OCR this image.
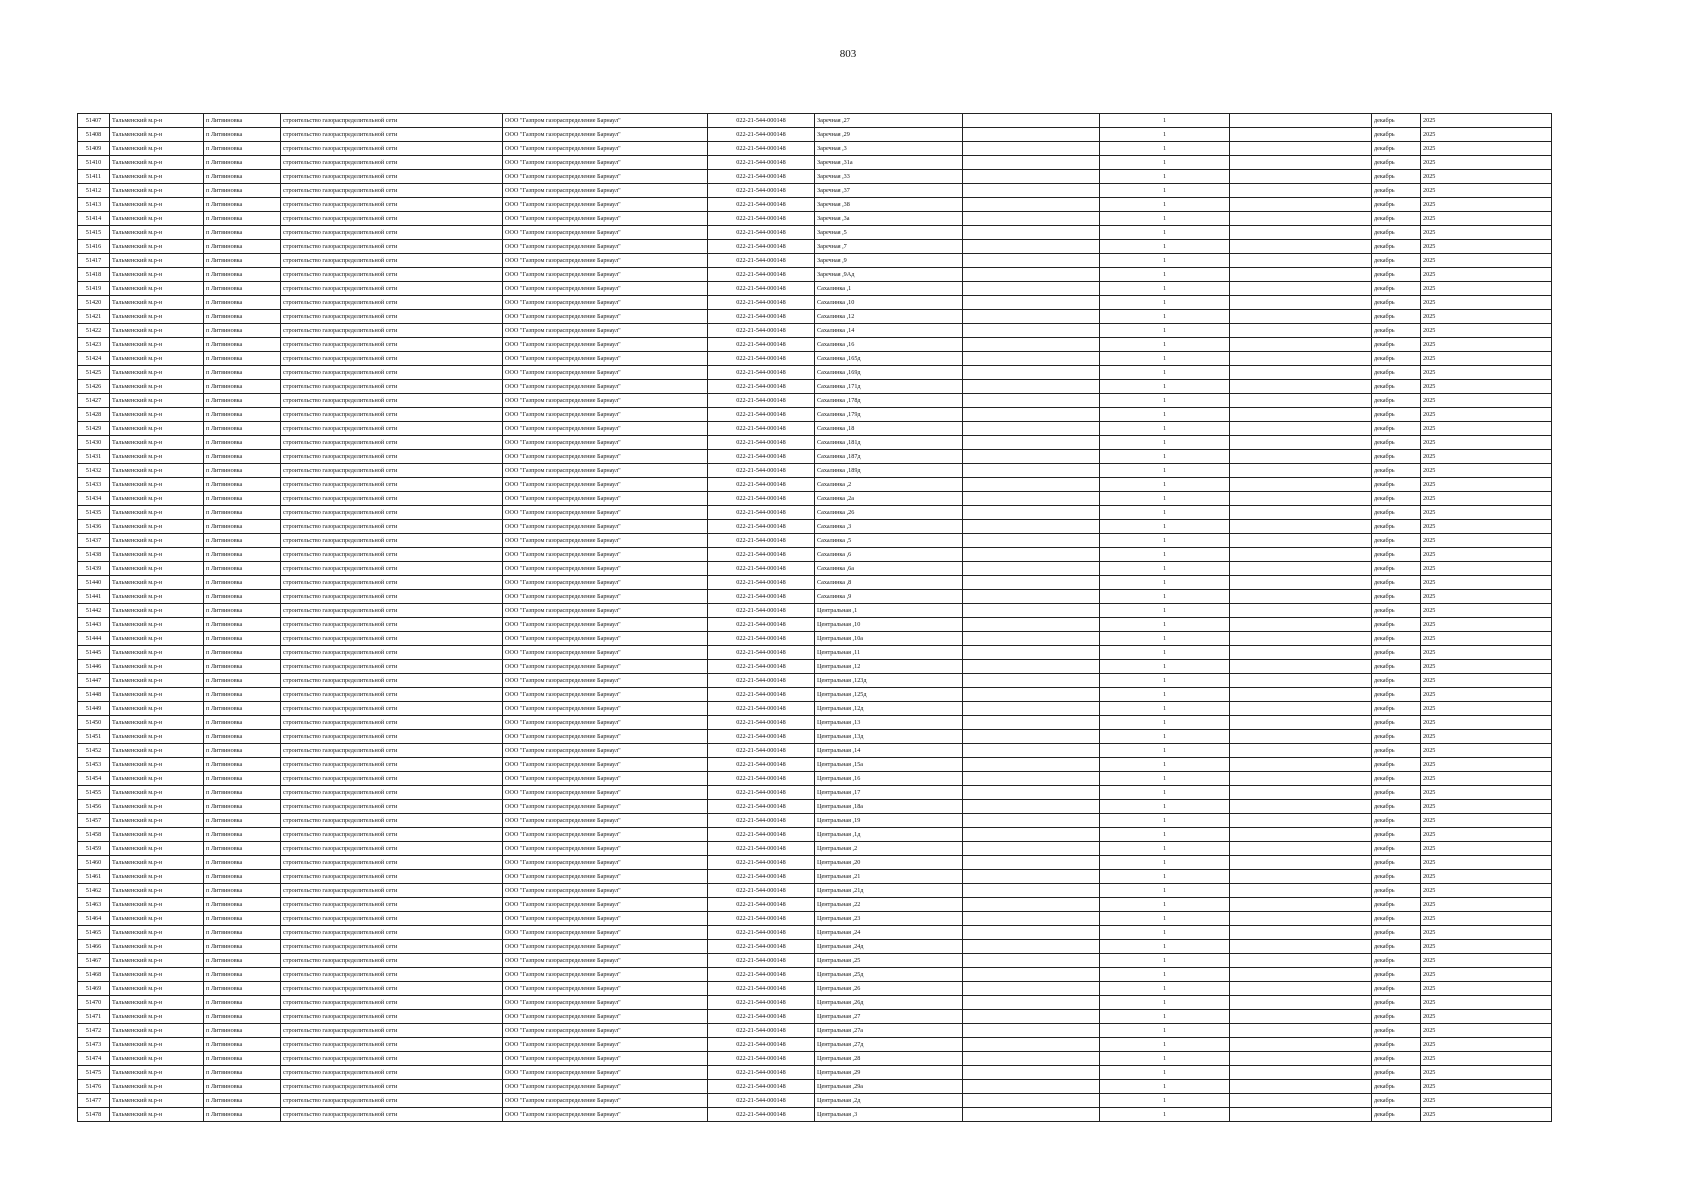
803
51407	Тальменский м.р-н	п Литвиновка	строительство газораспределительной сети	ООО "Газпром газораспределение Барнаул"	022-21-544-000148	Заречная ,27		1		декабрь	2025
51408	Тальменский м.р-н	п Литвиновка	строительство газораспределительной сети	ООО "Газпром газораспределение Барнаул"	022-21-544-000148	Заречная ,29		1		декабрь	2025
51409	Тальменский м.р-н	п Литвиновка	строительство газораспределительной сети	ООО "Газпром газораспределение Барнаул"	022-21-544-000148	Заречная ,3		1		декабрь	2025
51410	Тальменский м.р-н	п Литвиновка	строительство газораспределительной сети	ООО "Газпром газораспределение Барнаул"	022-21-544-000148	Заречная ,31а		1		декабрь	2025
51411	Тальменский м.р-н	п Литвиновка	строительство газораспределительной сети	ООО "Газпром газораспределение Барнаул"	022-21-544-000148	Заречная ,33		1		декабрь	2025
51412	Тальменский м.р-н	п Литвиновка	строительство газораспределительной сети	ООО "Газпром газораспределение Барнаул"	022-21-544-000148	Заречная ,37		1		декабрь	2025
51413	Тальменский м.р-н	п Литвиновка	строительство газораспределительной сети	ООО "Газпром газораспределение Барнаул"	022-21-544-000148	Заречная ,38		1		декабрь	2025
51414	Тальменский м.р-н	п Литвиновка	строительство газораспределительной сети	ООО "Газпром газораспределение Барнаул"	022-21-544-000148	Заречная ,3а		1		декабрь	2025
51415	Тальменский м.р-н	п Литвиновка	строительство газораспределительной сети	ООО "Газпром газораспределение Барнаул"	022-21-544-000148	Заречная ,5		1		декабрь	2025
51416	Тальменский м.р-н	п Литвиновка	строительство газораспределительной сети	ООО "Газпром газораспределение Барнаул"	022-21-544-000148	Заречная ,7		1		декабрь	2025
51417	Тальменский м.р-н	п Литвиновка	строительство газораспределительной сети	ООО "Газпром газораспределение Барнаул"	022-21-544-000148	Заречная ,9		1		декабрь	2025
51418	Тальменский м.р-н	п Литвиновка	строительство газораспределительной сети	ООО "Газпром газораспределение Барнаул"	022-21-544-000148	Заречная ,9Ад		1		декабрь	2025
51419	Тальменский м.р-н	п Литвиновка	строительство газораспределительной сети	ООО "Газпром газораспределение Барнаул"	022-21-544-000148	Сахалинка ,1		1		декабрь	2025
51420	Тальменский м.р-н	п Литвиновка	строительство газораспределительной сети	ООО "Газпром газораспределение Барнаул"	022-21-544-000148	Сахалинка ,10		1		декабрь	2025
51421	Тальменский м.р-н	п Литвиновка	строительство газораспределительной сети	ООО "Газпром газораспределение Барнаул"	022-21-544-000148	Сахалинка ,12		1		декабрь	2025
51422	Тальменский м.р-н	п Литвиновка	строительство газораспределительной сети	ООО "Газпром газораспределение Барнаул"	022-21-544-000148	Сахалинка ,14		1		декабрь	2025
51423	Тальменский м.р-н	п Литвиновка	строительство газораспределительной сети	ООО "Газпром газораспределение Барнаул"	022-21-544-000148	Сахалинка ,16		1		декабрь	2025
51424	Тальменский м.р-н	п Литвиновка	строительство газораспределительной сети	ООО "Газпром газораспределение Барнаул"	022-21-544-000148	Сахалинка ,165д		1		декабрь	2025
51425	Тальменский м.р-н	п Литвиновка	строительство газораспределительной сети	ООО "Газпром газораспределение Барнаул"	022-21-544-000148	Сахалинка ,169д		1		декабрь	2025
51426	Тальменский м.р-н	п Литвиновка	строительство газораспределительной сети	ООО "Газпром газораспределение Барнаул"	022-21-544-000148	Сахалинка ,171д		1		декабрь	2025
51427	Тальменский м.р-н	п Литвиновка	строительство газораспределительной сети	ООО "Газпром газораспределение Барнаул"	022-21-544-000148	Сахалинка ,178д		1		декабрь	2025
51428	Тальменский м.р-н	п Литвиновка	строительство газораспределительной сети	ООО "Газпром газораспределение Барнаул"	022-21-544-000148	Сахалинка ,179д		1		декабрь	2025
51429	Тальменский м.р-н	п Литвиновка	строительство газораспределительной сети	ООО "Газпром газораспределение Барнаул"	022-21-544-000148	Сахалинка ,18		1		декабрь	2025
51430	Тальменский м.р-н	п Литвиновка	строительство газораспределительной сети	ООО "Газпром газораспределение Барнаул"	022-21-544-000148	Сахалинка ,181д		1		декабрь	2025
51431	Тальменский м.р-н	п Литвиновка	строительство газораспределительной сети	ООО "Газпром газораспределение Барнаул"	022-21-544-000148	Сахалинка ,187д		1		декабрь	2025
51432	Тальменский м.р-н	п Литвиновка	строительство газораспределительной сети	ООО "Газпром газораспределение Барнаул"	022-21-544-000148	Сахалинка ,189д		1		декабрь	2025
51433	Тальменский м.р-н	п Литвиновка	строительство газораспределительной сети	ООО "Газпром газораспределение Барнаул"	022-21-544-000148	Сахалинка ,2		1		декабрь	2025
51434	Тальменский м.р-н	п Литвиновка	строительство газораспределительной сети	ООО "Газпром газораспределение Барнаул"	022-21-544-000148	Сахалинка ,2а		1		декабрь	2025
51435	Тальменский м.р-н	п Литвиновка	строительство газораспределительной сети	ООО "Газпром газораспределение Барнаул"	022-21-544-000148	Сахалинка ,26		1		декабрь	2025
51436	Тальменский м.р-н	п Литвиновка	строительство газораспределительной сети	ООО "Газпром газораспределение Барнаул"	022-21-544-000148	Сахалинка ,3		1		декабрь	2025
51437	Тальменский м.р-н	п Литвиновка	строительство газораспределительной сети	ООО "Газпром газораспределение Барнаул"	022-21-544-000148	Сахалинка ,5		1		декабрь	2025
51438	Тальменский м.р-н	п Литвиновка	строительство газораспределительной сети	ООО "Газпром газораспределение Барнаул"	022-21-544-000148	Сахалинка ,6		1		декабрь	2025
51439	Тальменский м.р-н	п Литвиновка	строительство газораспределительной сети	ООО "Газпром газораспределение Барнаул"	022-21-544-000148	Сахалинка ,6а		1		декабрь	2025
51440	Тальменский м.р-н	п Литвиновка	строительство газораспределительной сети	ООО "Газпром газораспределение Барнаул"	022-21-544-000148	Сахалинка ,8		1		декабрь	2025
51441	Тальменский м.р-н	п Литвиновка	строительство газораспределительной сети	ООО "Газпром газораспределение Барнаул"	022-21-544-000148	Сахалинка ,9		1		декабрь	2025
51442	Тальменский м.р-н	п Литвиновка	строительство газораспределительной сети	ООО "Газпром газораспределение Барнаул"	022-21-544-000148	Центральная ,1		1		декабрь	2025
51443	Тальменский м.р-н	п Литвиновка	строительство газораспределительной сети	ООО "Газпром газораспределение Барнаул"	022-21-544-000148	Центральная ,10		1		декабрь	2025
51444	Тальменский м.р-н	п Литвиновка	строительство газораспределительной сети	ООО "Газпром газораспределение Барнаул"	022-21-544-000148	Центральная ,10а		1		декабрь	2025
51445	Тальменский м.р-н	п Литвиновка	строительство газораспределительной сети	ООО "Газпром газораспределение Барнаул"	022-21-544-000148	Центральная ,11		1		декабрь	2025
51446	Тальменский м.р-н	п Литвиновка	строительство газораспределительной сети	ООО "Газпром газораспределение Барнаул"	022-21-544-000148	Центральная ,12		1		декабрь	2025
51447	Тальменский м.р-н	п Литвиновка	строительство газораспределительной сети	ООО "Газпром газораспределение Барнаул"	022-21-544-000148	Центральная ,123д		1		декабрь	2025
51448	Тальменский м.р-н	п Литвиновка	строительство газораспределительной сети	ООО "Газпром газораспределение Барнаул"	022-21-544-000148	Центральная ,125д		1		декабрь	2025
51449	Тальменский м.р-н	п Литвиновка	строительство газораспределительной сети	ООО "Газпром газораспределение Барнаул"	022-21-544-000148	Центральная ,12д		1		декабрь	2025
51450	Тальменский м.р-н	п Литвиновка	строительство газораспределительной сети	ООО "Газпром газораспределение Барнаул"	022-21-544-000148	Центральная ,13		1		декабрь	2025
51451	Тальменский м.р-н	п Литвиновка	строительство газораспределительной сети	ООО "Газпром газораспределение Барнаул"	022-21-544-000148	Центральная ,13д		1		декабрь	2025
51452	Тальменский м.р-н	п Литвиновка	строительство газораспределительной сети	ООО "Газпром газораспределение Барнаул"	022-21-544-000148	Центральная ,14		1		декабрь	2025
51453	Тальменский м.р-н	п Литвиновка	строительство газораспределительной сети	ООО "Газпром газораспределение Барнаул"	022-21-544-000148	Центральная ,15а		1		декабрь	2025
51454	Тальменский м.р-н	п Литвиновка	строительство газораспределительной сети	ООО "Газпром газораспределение Барнаул"	022-21-544-000148	Центральная ,16		1		декабрь	2025
51455	Тальменский м.р-н	п Литвиновка	строительство газораспределительной сети	ООО "Газпром газораспределение Барнаул"	022-21-544-000148	Центральная ,17		1		декабрь	2025
51456	Тальменский м.р-н	п Литвиновка	строительство газораспределительной сети	ООО "Газпром газораспределение Барнаул"	022-21-544-000148	Центральная ,18а		1		декабрь	2025
51457	Тальменский м.р-н	п Литвиновка	строительство газораспределительной сети	ООО "Газпром газораспределение Барнаул"	022-21-544-000148	Центральная ,19		1		декабрь	2025
51458	Тальменский м.р-н	п Литвиновка	строительство газораспределительной сети	ООО "Газпром газораспределение Барнаул"	022-21-544-000148	Центральная ,1д		1		декабрь	2025
51459	Тальменский м.р-н	п Литвиновка	строительство газораспределительной сети	ООО "Газпром газораспределение Барнаул"	022-21-544-000148	Центральная ,2		1		декабрь	2025
51460	Тальменский м.р-н	п Литвиновка	строительство газораспределительной сети	ООО "Газпром газораспределение Барнаул"	022-21-544-000148	Центральная ,20		1		декабрь	2025
51461	Тальменский м.р-н	п Литвиновка	строительство газораспределительной сети	ООО "Газпром газораспределение Барнаул"	022-21-544-000148	Центральная ,21		1		декабрь	2025
51462	Тальменский м.р-н	п Литвиновка	строительство газораспределительной сети	ООО "Газпром газораспределение Барнаул"	022-21-544-000148	Центральная ,21д		1		декабрь	2025
51463	Тальменский м.р-н	п Литвиновка	строительство газораспределительной сети	ООО "Газпром газораспределение Барнаул"	022-21-544-000148	Центральная ,22		1		декабрь	2025
51464	Тальменский м.р-н	п Литвиновка	строительство газораспределительной сети	ООО "Газпром газораспределение Барнаул"	022-21-544-000148	Центральная ,23		1		декабрь	2025
51465	Тальменский м.р-н	п Литвиновка	строительство газораспределительной сети	ООО "Газпром газораспределение Барнаул"	022-21-544-000148	Центральная ,24		1		декабрь	2025
51466	Тальменский м.р-н	п Литвиновка	строительство газораспределительной сети	ООО "Газпром газораспределение Барнаул"	022-21-544-000148	Центральная ,24д		1		декабрь	2025
51467	Тальменский м.р-н	п Литвиновка	строительство газораспределительной сети	ООО "Газпром газораспределение Барнаул"	022-21-544-000148	Центральная ,25		1		декабрь	2025
51468	Тальменский м.р-н	п Литвиновка	строительство газораспределительной сети	ООО "Газпром газораспределение Барнаул"	022-21-544-000148	Центральная ,25д		1		декабрь	2025
51469	Тальменский м.р-н	п Литвиновка	строительство газораспределительной сети	ООО "Газпром газораспределение Барнаул"	022-21-544-000148	Центральная ,26		1		декабрь	2025
51470	Тальменский м.р-н	п Литвиновка	строительство газораспределительной сети	ООО "Газпром газораспределение Барнаул"	022-21-544-000148	Центральная ,26д		1		декабрь	2025
51471	Тальменский м.р-н	п Литвиновка	строительство газораспределительной сети	ООО "Газпром газораспределение Барнаул"	022-21-544-000148	Центральная ,27		1		декабрь	2025
51472	Тальменский м.р-н	п Литвиновка	строительство газораспределительной сети	ООО "Газпром газораспределение Барнаул"	022-21-544-000148	Центральная ,27а		1		декабрь	2025
51473	Тальменский м.р-н	п Литвиновка	строительство газораспределительной сети	ООО "Газпром газораспределение Барнаул"	022-21-544-000148	Центральная ,27д		1		декабрь	2025
51474	Тальменский м.р-н	п Литвиновка	строительство газораспределительной сети	ООО "Газпром газораспределение Барнаул"	022-21-544-000148	Центральная ,28		1		декабрь	2025
51475	Тальменский м.р-н	п Литвиновка	строительство газораспределительной сети	ООО "Газпром газораспределение Барнаул"	022-21-544-000148	Центральная ,29		1		декабрь	2025
51476	Тальменский м.р-н	п Литвиновка	строительство газораспределительной сети	ООО "Газпром газораспределение Барнаул"	022-21-544-000148	Центральная ,29а		1		декабрь	2025
51477	Тальменский м.р-н	п Литвиновка	строительство газораспределительной сети	ООО "Газпром газораспределение Барнаул"	022-21-544-000148	Центральная ,2д		1		декабрь	2025
51478	Тальменский м.р-н	п Литвиновка	строительство газораспределительной сети	ООО "Газпром газораспределение Барнаул"	022-21-544-000148	Центральная ,3		1		декабрь	2025
